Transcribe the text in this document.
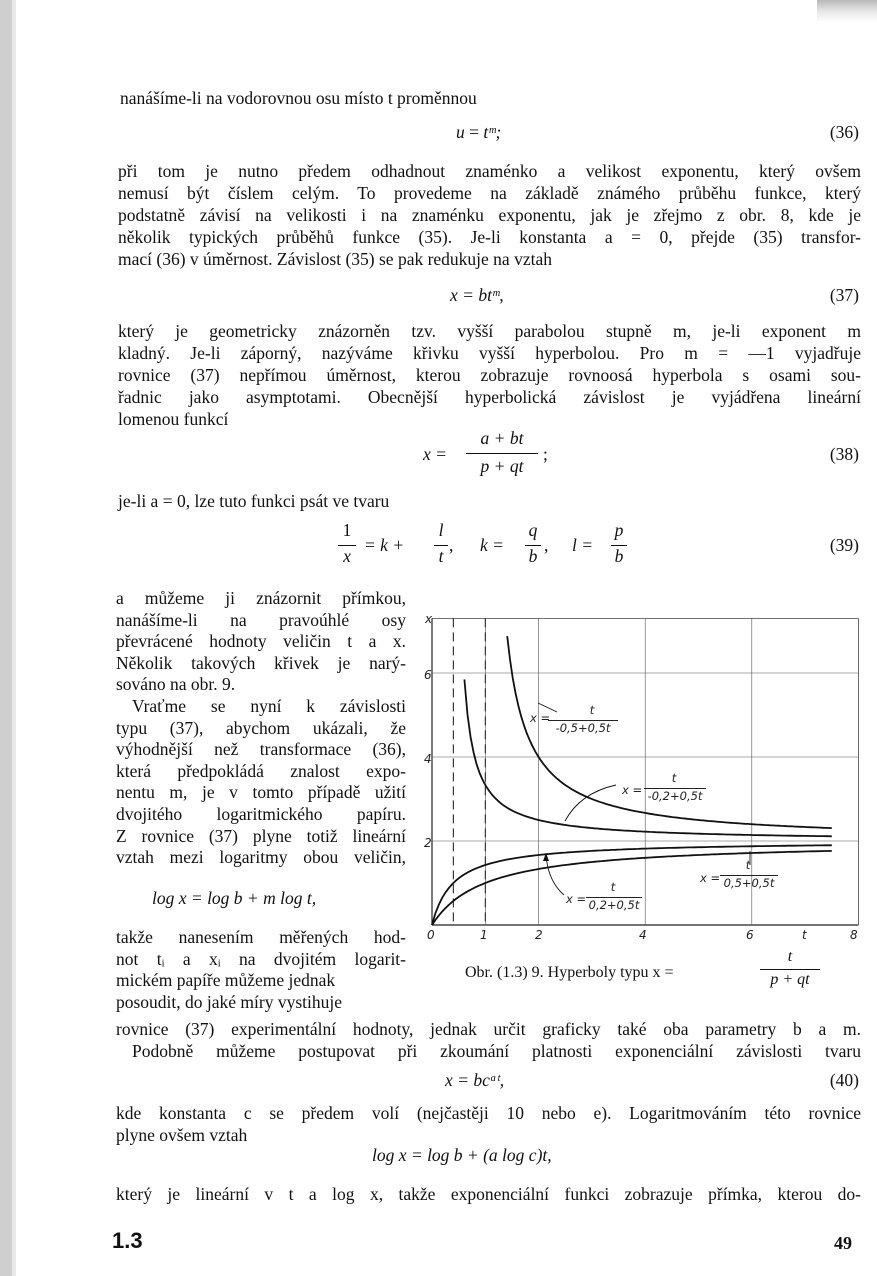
nanášíme-li na vodorovnou osu místo t proměnnou
u = tᵐ;	(36)
při tom je nutno předem odhadnout znaménko a velikost exponentu, který ovšem
nemusí být číslem celým. To provedeme na základě známého průběhu funkce, který
podstatně závisí na velikosti i na znaménku exponentu, jak je zřejmo z obr. 8, kde je
několik typických průběhů funkce (35). Je-li konstanta a = 0, přejde (35) transfor-
mací (36) v úměrnost. Závislost (35) se pak redukuje na vztah
x = btᵐ,	(37)
který je geometricky znázorněn tzv. vyšší parabolou stupně m, je-li exponent m
kladný. Je-li záporný, nazýváme křivku vyšší hyperbolou. Pro m = —1 vyjadřuje
rovnice (37) nepřímou úměrnost, kterou zobrazuje rovnoosá hyperbola s osami sou-
řadnic jako asymptotami. Obecnější hyperbolická závislost je vyjádřena lineární
lomenou funkcí
x =
a + bt
p + qt
;	(38)
je-li a = 0, lze tuto funkci psát ve tvaru
1
x
= k +
l
t
, k =
q
b
, l =
p
b
(39)
a můžeme ji znázornit přímkou,
nanášíme-li na pravoúhlé osy
převrácené hodnoty veličin t a x.
Několik takových křivek je narý-
sováno na obr. 9.
Vraťme se nyní k závislosti
typu (37), abychom ukázali, že
výhodnější než transformace (36),
která předpokládá znalost expo-
nentu m, je v tomto případě užití
dvojitého logaritmického papíru.
Z rovnice (37) plyne totiž lineární
vztah mezi logaritmy obou veličin,
log x = log b + m log t,
takže nanesením měřených hod-
not tᵢ a xᵢ na dvojitém logarit-
mickém papíře můžeme jednak
posoudit, do jaké míry vystihuje
x
6
4
2
0	1	2	4	6	t	8
x =
t
-0,5+0,5t
x =
t
-0,2+0,5t
x =
t
0,5+0,5t
x =
t
0,2+0,5t
Obr. (1.3) 9. Hyperboly typu x =
t
p + qt
rovnice (37) experimentální hodnoty, jednak určit graficky také oba parametry b a m.
Podobně můžeme postupovat při zkoumání platnosti exponenciální závislosti tvaru
x = bcᵃᵗ,	(40)
kde konstanta c se předem volí (nejčastěji 10 nebo e). Logaritmováním této rovnice
plyne ovšem vztah
log x = log b + (a log c)t,
který je lineární v t a log x, takže exponenciální funkci zobrazuje přímka, kterou do-
1.3	49
